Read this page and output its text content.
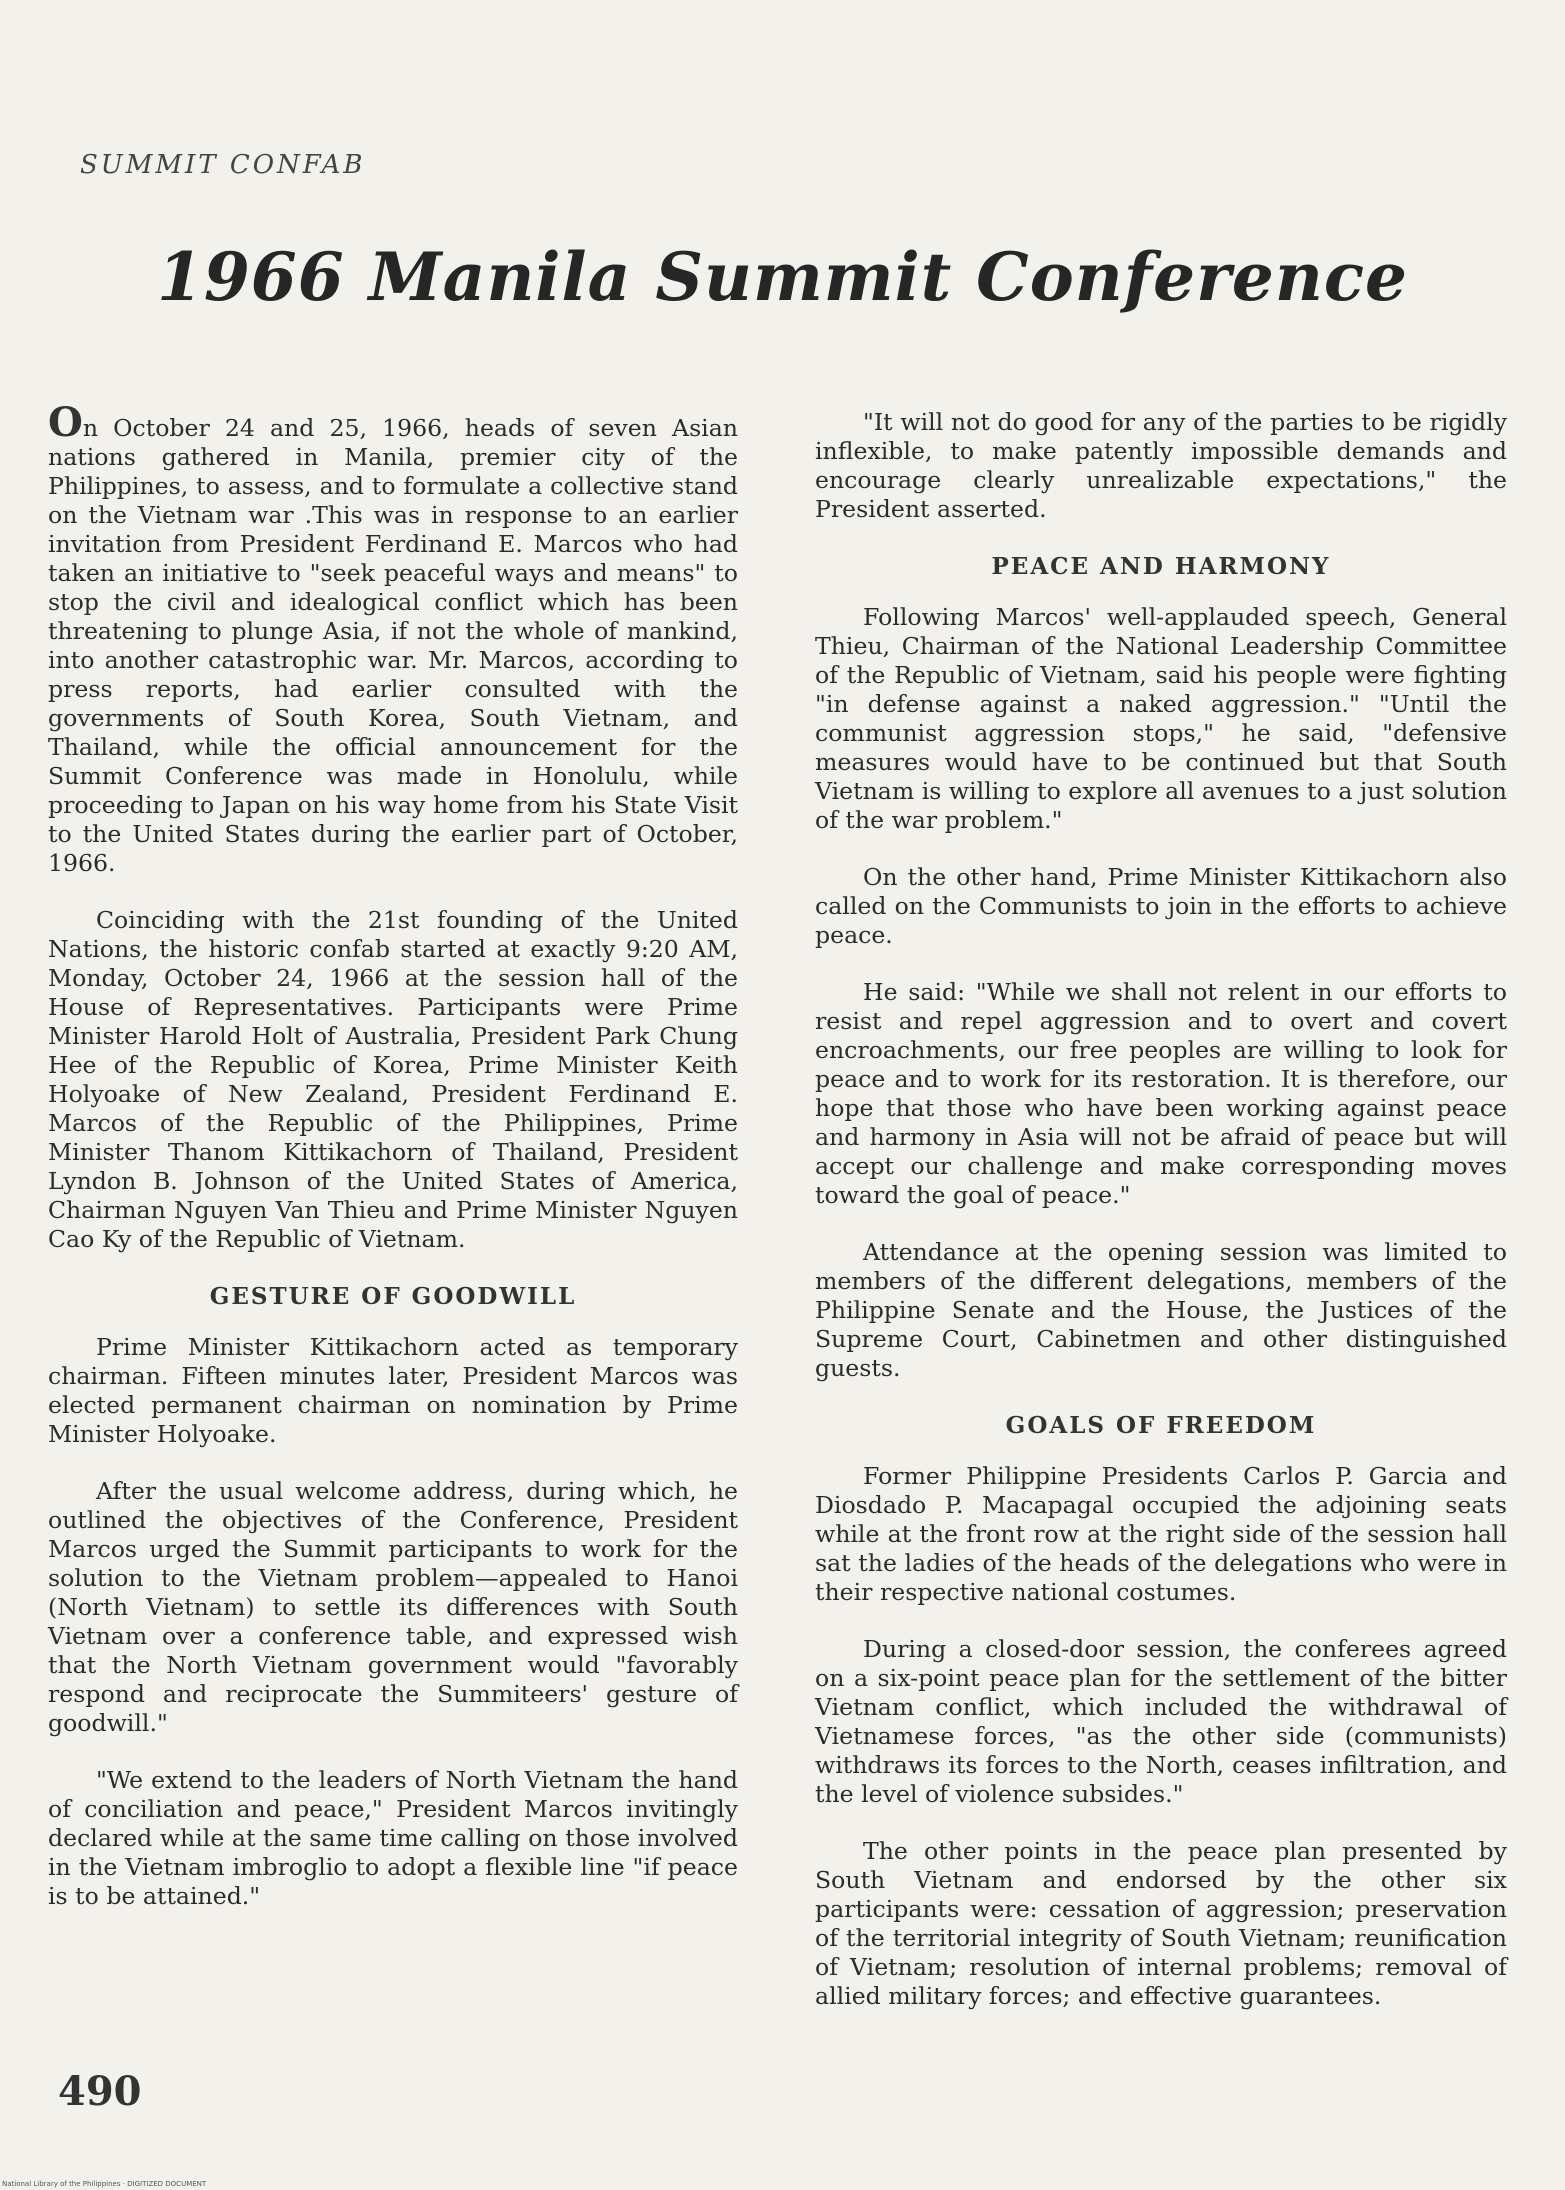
SUMMIT CONFAB
1966 Manila Summit Conference

On October 24 and 25, 1966, heads of seven Asian nations gathered in Manila, premier city of the Philippines, to assess, and to formulate a collective stand on the Vietnam war .This was in response to an earlier invitation from President Ferdinand E. Marcos who had taken an initiative to "seek peaceful ways and means" to stop the civil and idealogical conflict which has been threatening to plunge Asia, if not the whole of mankind, into another catastrophic war. Mr. Marcos, according to press reports, had earlier consulted with the governments of South Korea, South Vietnam, and Thailand, while the official announcement for the Summit Conference was made in Honolulu, while proceeding to Japan on his way home from his State Visit to the United States during the earlier part of October, 1966.

Coinciding with the 21st founding of the United Nations, the historic confab started at exactly 9:20 AM, Monday, October 24, 1966 at the session hall of the House of Representatives. Participants were Prime Minister Harold Holt of Australia, President Park Chung Hee of the Republic of Korea, Prime Minister Keith Holyoake of New Zealand, President Ferdinand E. Marcos of the Republic of the Philippines, Prime Minister Thanom Kittikachorn of Thailand, President Lyndon B. Johnson of the United States of America, Chairman Nguyen Van Thieu and Prime Minister Nguyen Cao Ky of the Republic of Vietnam.

GESTURE OF GOODWILL

Prime Minister Kittikachorn acted as temporary chairman. Fifteen minutes later, President Marcos was elected permanent chairman on nomination by Prime Minister Holyoake.

After the usual welcome address, during which, he outlined the objectives of the Conference, President Marcos urged the Summit participants to work for the solution to the Vietnam problem—appealed to Hanoi (North Vietnam) to settle its differences with South Vietnam over a conference table, and expressed wish that the North Vietnam government would "favorably respond and reciprocate the Summiteers' gesture of goodwill."

"We extend to the leaders of North Vietnam the hand of conciliation and peace," President Marcos invitingly declared while at the same time calling on those involved in the Vietnam imbroglio to adopt a flexible line "if peace is to be attained."

"It will not do good for any of the parties to be rigidly inflexible, to make patently impossible demands and encourage clearly unrealizable expectations," the President asserted.

PEACE AND HARMONY

Following Marcos' well-applauded speech, General Thieu, Chairman of the National Leadership Committee of the Republic of Vietnam, said his people were fighting "in defense against a naked aggression." "Until the communist aggression stops," he said, "defensive measures would have to be continued but that South Vietnam is willing to explore all avenues to a just solution of the war problem."

On the other hand, Prime Minister Kittikachorn also called on the Communists to join in the efforts to achieve peace.

He said: "While we shall not relent in our efforts to resist and repel aggression and to overt and covert encroachments, our free peoples are willing to look for peace and to work for its restoration. It is therefore, our hope that those who have been working against peace and harmony in Asia will not be afraid of peace but will accept our challenge and make corresponding moves toward the goal of peace."

Attendance at the opening session was limited to members of the different delegations, members of the Philippine Senate and the House, the Justices of the Supreme Court, Cabinetmen and other distinguished guests.

GOALS OF FREEDOM

Former Philippine Presidents Carlos P. Garcia and Diosdado P. Macapagal occupied the adjoining seats while at the front row at the right side of the session hall sat the ladies of the heads of the delegations who were in their respective national costumes.

During a closed-door session, the conferees agreed on a six-point peace plan for the settlement of the bitter Vietnam conflict, which included the withdrawal of Vietnamese forces, "as the other side (communists) withdraws its forces to the North, ceases infiltration, and the level of violence subsides."

The other points in the peace plan presented by South Vietnam and endorsed by the other six participants were: cessation of aggression; preservation of the territorial integrity of South Vietnam; reunification of Vietnam; resolution of internal problems; removal of allied military forces; and effective guarantees.

490
National Library of the Philippines · DIGITIZED DOCUMENT
